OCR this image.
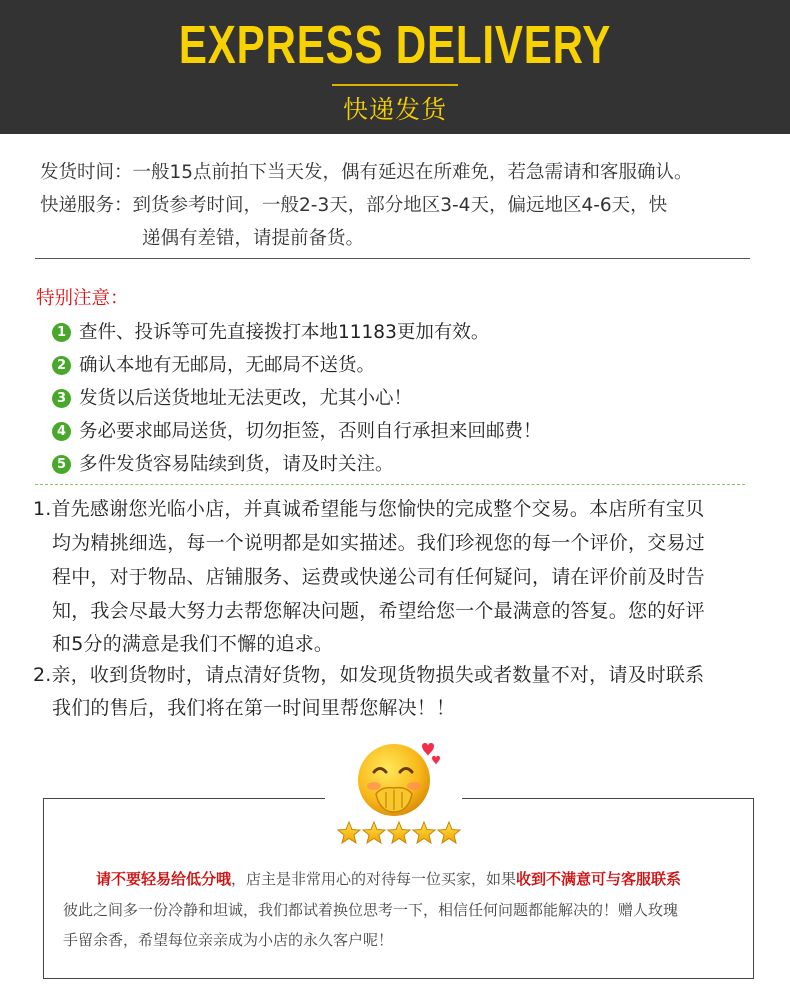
EXPRESS DELIVERY
快递发货
发货时间：一般15点前拍下当天发，偶有延迟在所难免，若急需请和客服确认。
快递服务：到货参考时间，一般2-3天，部分地区3-4天，偏远地区4-6天，快
递偶有差错，请提前备货。
特别注意：
1 查件、投诉等可先直接拨打本地11183更加有效。
2 确认本地有无邮局，无邮局不送货。
3 发货以后送货地址无法更改，尤其小心！
4 务必要求邮局送货，切勿拒签，否则自行承担来回邮费！
5 多件发货容易陆续到货，请及时关注。
1.首先感谢您光临小店，并真诚希望能与您愉快的完成整个交易。本店所有宝贝
均为精挑细选，每一个说明都是如实描述。我们珍视您的每一个评价，交易过
程中，对于物品、店铺服务、运费或快递公司有任何疑问，请在评价前及时告
知，我会尽最大努力去帮您解决问题，希望给您一个最满意的答复。您的好评
和5分的满意是我们不懈的追求。
2.亲，收到货物时，请点清好货物，如发现货物损失或者数量不对，请及时联系
我们的售后，我们将在第一时间里帮您解决！！
请不要轻易给低分哦，店主是非常用心的对待每一位买家，如果收到不满意可与客服联系
彼此之间多一份冷静和坦诚，我们都试着换位思考一下，相信任何问题都能解决的！赠人玫瑰
手留余香，希望每位亲亲成为小店的永久客户呢！
